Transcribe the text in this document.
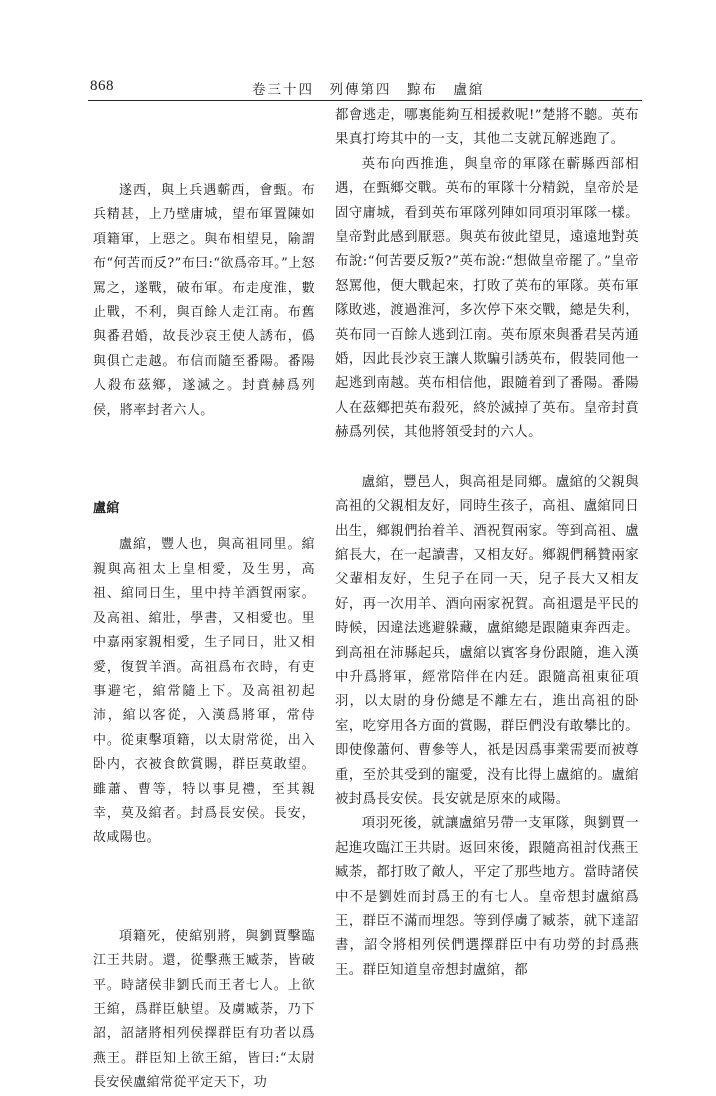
868	卷三十四　列傳第四　黥布　盧綰

遂西，與上兵遇蘄西，會甄。布兵精甚，上乃壁庸城，望布軍置陳如項籍軍，上惡之。與布相望見，隃謂布“何苦而反?”布曰:“欲爲帝耳。”上怒罵之，遂戰，破布軍。布走度淮，數止戰，不利，與百餘人走江南。布舊與番君婚，故長沙哀王使人誘布，僞與俱亡走越。布信而隨至番陽。番陽人殺布茲鄉，遂滅之。封賁赫爲列侯，將率封者六人。

盧綰

盧綰，豐人也，與高祖同里。綰親與高祖太上皇相愛，及生男，高祖、綰同日生，里中持羊酒賀兩家。及高祖、綰壯，學書，又相愛也。里中嘉兩家親相愛，生子同日，壯又相愛，復賀羊酒。高祖爲布衣時，有吏事避宅，綰常隨上下。及高祖初起沛，綰以客從，入漢爲將軍，常侍中。從東擊項籍，以太尉常從，出入卧内，衣被食飲賞賜，群臣莫敢望。雖蕭、曹等，特以事見禮，至其親幸，莫及綰者。封爲長安侯。長安，故咸陽也。

項籍死，使綰别將，與劉賈擊臨江王共尉。還，從擊燕王臧荼，皆破平。時諸侯非劉氏而王者七人。上欲王綰，爲群臣觖望。及虜臧荼，乃下詔，詔諸將相列侯擇群臣有功者以爲燕王。群臣知上欲王綰，皆曰:“太尉長安侯盧綰常從平定天下，功

都會逃走，哪裏能夠互相援救呢!”楚將不聽。英布果真打垮其中的一支，其他二支就瓦解逃跑了。

英布向西推進，與皇帝的軍隊在蘄縣西部相遇，在甄鄉交戰。英布的軍隊十分精鋭，皇帝於是固守庸城，看到英布軍隊列陣如同項羽軍隊一樣。皇帝對此感到厭惡。與英布彼此望見，遠遠地對英布說:“何苦要反叛?”英布說:“想做皇帝罷了。”皇帝怒罵他，便大戰起來，打敗了英布的軍隊。英布軍隊敗逃，渡過淮河，多次停下來交戰，總是失利，英布同一百餘人逃到江南。英布原來與番君吴芮通婚，因此長沙哀王讓人欺騙引誘英布，假裝同他一起逃到南越。英布相信他，跟隨着到了番陽。番陽人在茲鄉把英布殺死，終於滅掉了英布。皇帝封賁赫爲列侯，其他將領受封的六人。

盧綰，豐邑人，與高祖是同鄉。盧綰的父親與高祖的父親相友好，同時生孩子，高祖、盧綰同日出生，鄉親們抬着羊、酒祝賀兩家。等到高祖、盧綰長大，在一起讀書，又相友好。鄉親們稱贊兩家父輩相友好，生兒子在同一天，兒子長大又相友好，再一次用羊、酒向兩家祝賀。高祖還是平民的時候，因違法逃避躲藏，盧綰總是跟隨東奔西走。到高祖在沛縣起兵，盧綰以賓客身份跟隨，進入漢中升爲將軍，經常陪伴在内廷。跟隨高祖東征項羽，以太尉的身份總是不離左右，進出高祖的卧室，吃穿用各方面的賞賜，群臣們没有敢攀比的。即使像蕭何、曹參等人，祇是因爲事業需要而被尊重，至於其受到的寵愛，没有比得上盧綰的。盧綰被封爲長安侯。長安就是原來的咸陽。

項羽死後，就讓盧綰另帶一支軍隊，與劉賈一起進攻臨江王共尉。返回來後，跟隨高祖討伐燕王臧荼，都打敗了敵人，平定了那些地方。當時諸侯中不是劉姓而封爲王的有七人。皇帝想封盧綰爲王，群臣不滿而埋怨。等到俘虜了臧荼，就下達詔書，詔令將相列侯們選擇群臣中有功勞的封爲燕王。群臣知道皇帝想封盧綰，都
